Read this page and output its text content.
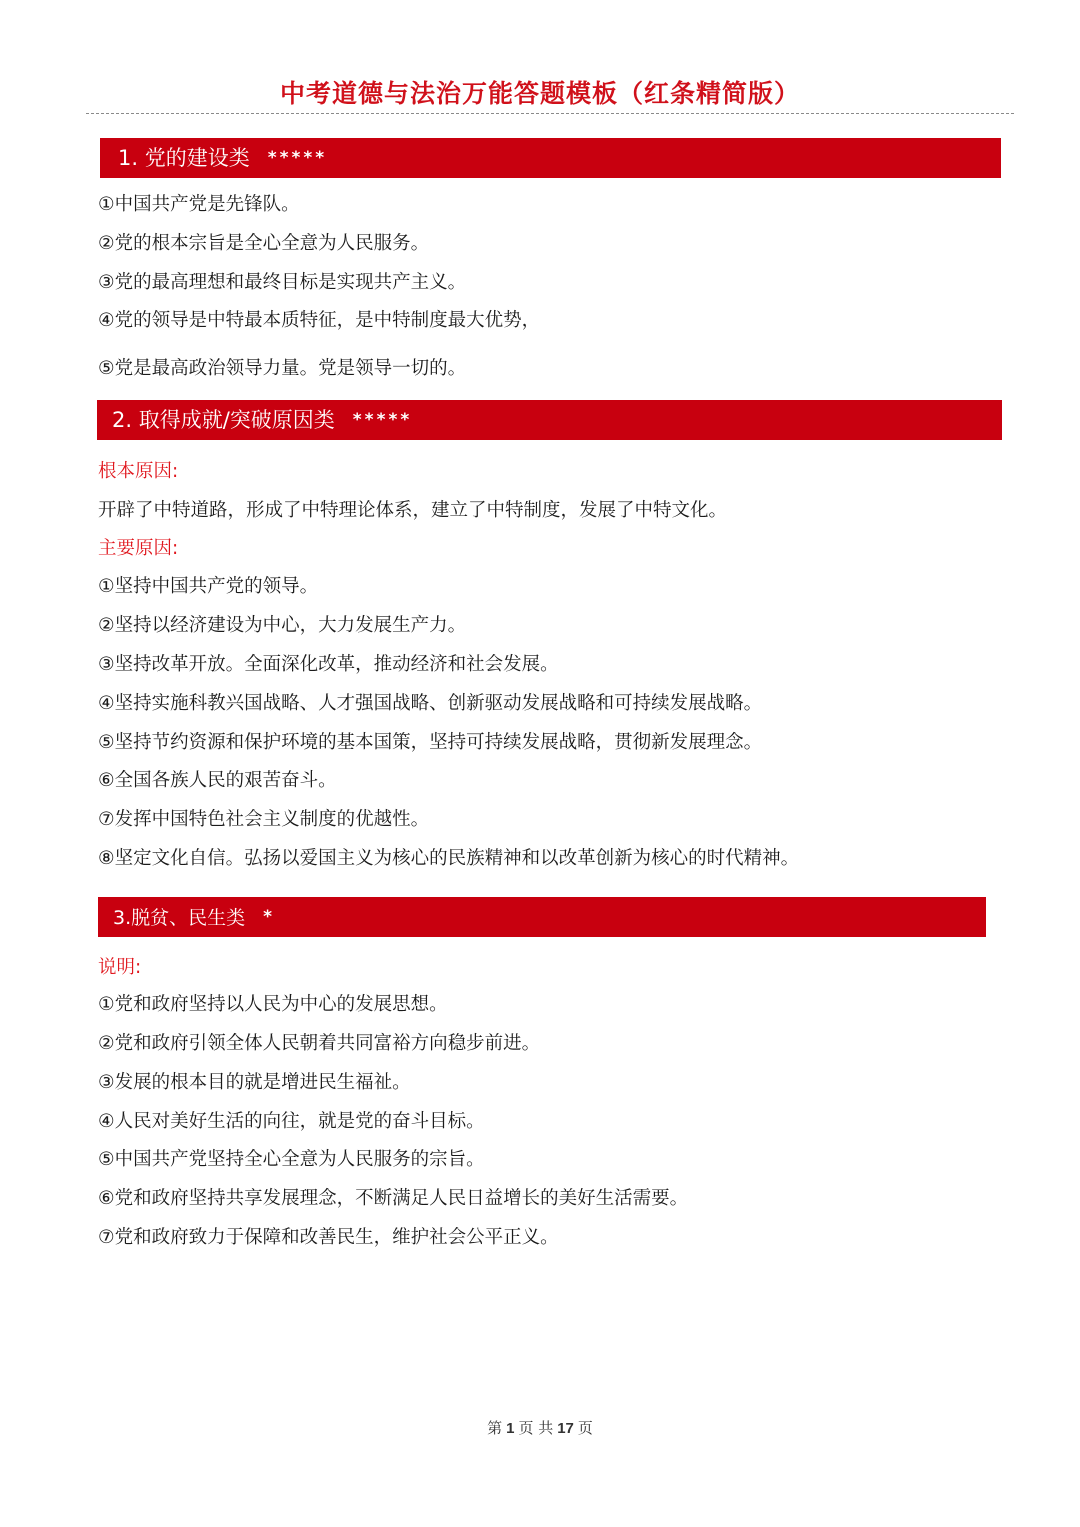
中考道德与法治万能答题模板（红条精简版）
1. 党的建设类 *****
①中国共产党是先锋队。
②党的根本宗旨是全心全意为人民服务。
③党的最高理想和最终目标是实现共产主义。
④党的领导是中特最本质特征，是中特制度最大优势，
⑤党是最高政治领导力量。党是领导一切的。
2. 取得成就/突破原因类 *****
根本原因:
开辟了中特道路，形成了中特理论体系，建立了中特制度，发展了中特文化。
主要原因:
①坚持中国共产党的领导。
②坚持以经济建设为中心，大力发展生产力。
③坚持改革开放。全面深化改革，推动经济和社会发展。
④坚持实施科教兴国战略、人才强国战略、创新驱动发展战略和可持续发展战略。
⑤坚持节约资源和保护环境的基本国策，坚持可持续发展战略，贯彻新发展理念。
⑥全国各族人民的艰苦奋斗。
⑦发挥中国特色社会主义制度的优越性。
⑧坚定文化自信。弘扬以爱国主义为核心的民族精神和以改革创新为核心的时代精神。
3.脱贫、民生类 *
说明:
①党和政府坚持以人民为中心的发展思想。
②党和政府引领全体人民朝着共同富裕方向稳步前进。
③发展的根本目的就是增进民生福祉。
④人民对美好生活的向往，就是党的奋斗目标。
⑤中国共产党坚持全心全意为人民服务的宗旨。
⑥党和政府坚持共享发展理念，不断满足人民日益增长的美好生活需要。
⑦党和政府致力于保障和改善民生，维护社会公平正义。
第 1 页 共 17 页
